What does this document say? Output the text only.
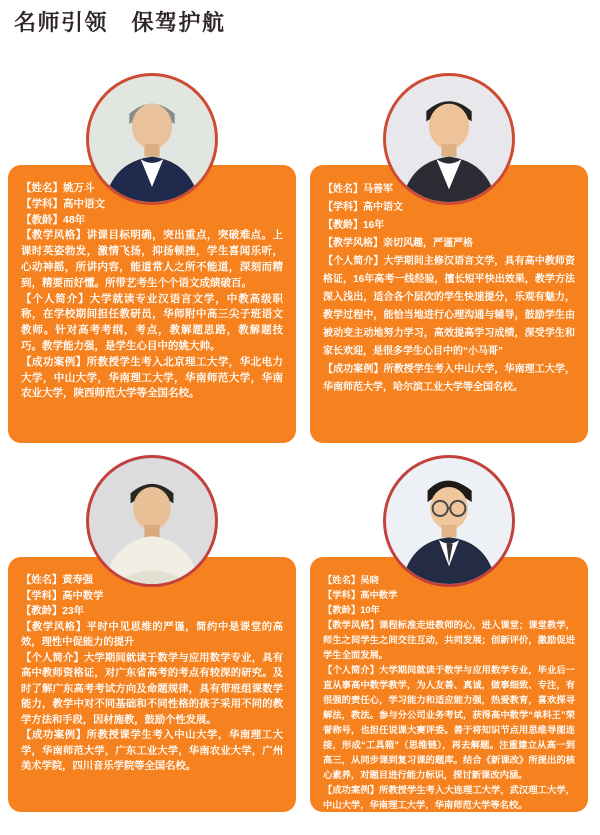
名师引领　保驾护航

【姓名】姚万斗

【学科】高中语文

【教龄】48年

【教学风格】讲课目标明确，突出重点，突破难点。上课时英姿勃发，激情飞扬，抑扬顿挫，学生喜闻乐听，心动神摇，所讲内容，能道常人之所不能道，深刻而精到，精要而好懂。所带艺考生个个语文成绩破百。

【个人简介】大学就读专业汉语言文学，中教高级职称，在学校期间担任教研员，华师附中高三尖子班语文教师。针对高考考纲，考点，教解题思路，教解题技巧。教学能力强，是学生心目中的姚大帅。

【成功案例】所教授学生考入北京理工大学，华北电力大学，中山大学，华南理工大学，华南师范大学，华南农业大学，陕西师范大学等全国名校。

【姓名】马善军

【学科】高中语文

【教龄】16年

【教学风格】亲切风趣，严谨严格

【个人简介】大学期间主修汉语言文学，具有高中教师资格证，16年高考一线经验，擅长短平快出效果，教学方法深入浅出，适合各个层次的学生快速提分，乐观有魅力，教学过程中，能恰当地进行心理沟通与辅导，鼓励学生由被动变主动地努力学习，高效提高学习成绩，深受学生和家长欢迎，是很多学生心目中的“小马哥”

【成功案例】所教授学生考入中山大学，华南理工大学，华南师范大学，哈尔滨工业大学等全国名校。

【姓名】黄寿强

【学科】高中数学

【教龄】23年

【教学风格】平时中见思维的严谨，简约中是课堂的高效，理性中促能力的提升

【个人简介】大学期间就读于数学与应用数学专业，具有高中教师资格证，对广东省高考的考点有较深的研究。及时了解广东高考考试方向及命题规律，具有带班组课数学能力，教学中对不同基础和不同性格的孩子采用不同的教学方法和手段，因材施教，鼓励个性发展。

【成功案例】所教授课学生考入中山大学，华南理工大学，华南师范大学，广东工业大学，华南农业大学，广州美术学院，四川音乐学院等全国名校。

【姓名】吴晓

【学科】高中数学

【教龄】10年

【教学风格】课程标准走进教师的心，进入课堂；课堂教学，师生之间学生之间交往互动，共同发展；创新评价，激励促进学生全面发展。

【个人简介】大学期间就读于数学与应用数学专业，毕业后一直从事高中数学教学，为人友善、真诚，做事细致、专注，有很强的责任心，学习能力和适应能力强，热爱教育，喜欢探寻解法，教法。参与分公司业务考试，获得高中数学“单科王”荣誉称号，也担任说课大赛评委。善于将知识节点用思维导图连接，形成“工具箱”（思维链），再去解题。注重建立从高一到高三，从同步课到复习课的题库。结合《新课改》所提出的核心素养，对题目进行能力标识，探讨新课改内涵。

【成功案例】所教授学生考入大连理工大学，武汉理工大学，中山大学，华南理工大学，华南师范大学等名校。
